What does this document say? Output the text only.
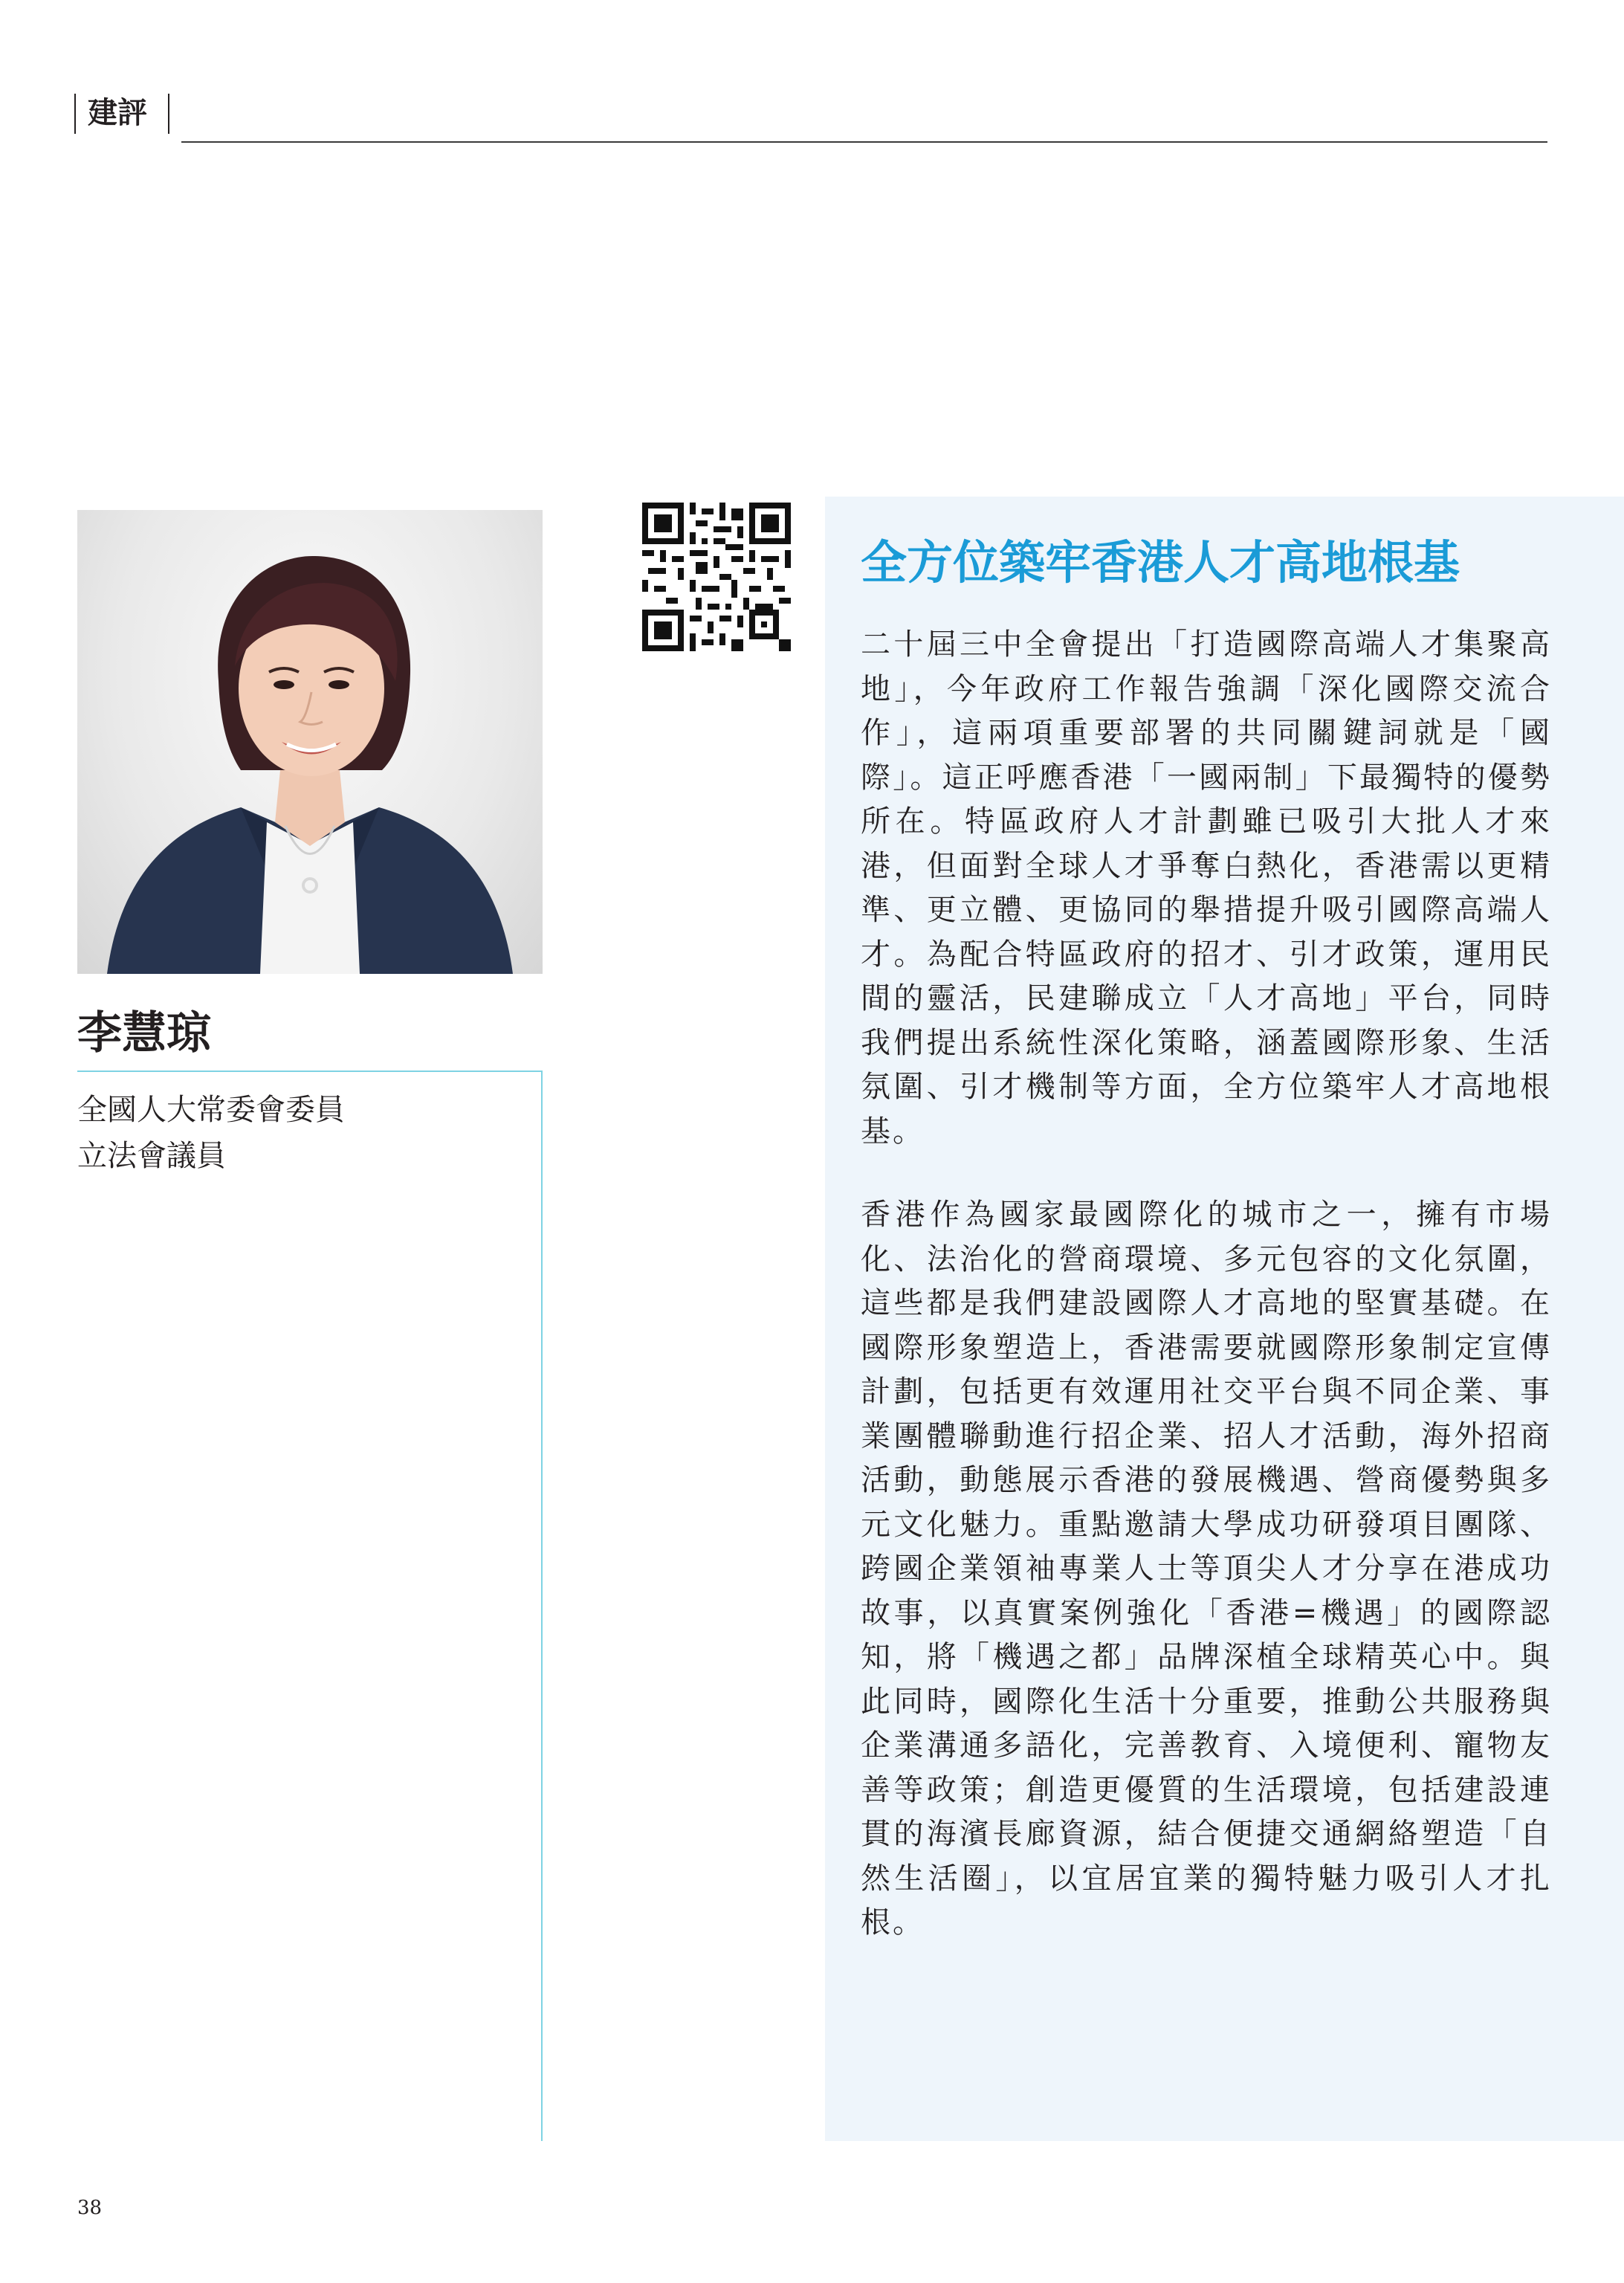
建評
李慧琼
全國人大常委會委員
立法會議員
全方位築牢香港人才高地根基
二十屆三中全會提出「打造國際高端人才集聚高地」，今年政府工作報告強調「深化國際交流合作」，這兩項重要部署的共同關鍵詞就是「國際」。這正呼應香港「一國兩制」下最獨特的優勢所在。特區政府人才計劃雖已吸引大批人才來港，但面對全球人才爭奪白熱化，香港需以更精準、更立體、更協同的舉措提升吸引國際高端人才。為配合特區政府的招才、引才政策，運用民間的靈活，民建聯成立「人才高地」平台，同時我們提出系統性深化策略，涵蓋國際形象、生活氛圍、引才機制等方面，全方位築牢人才高地根基。
香港作為國家最國際化的城市之一，擁有市場化、法治化的營商環境、多元包容的文化氛圍，這些都是我們建設國際人才高地的堅實基礎。在國際形象塑造上，香港需要就國際形象制定宣傳計劃，包括更有效運用社交平台與不同企業、事業團體聯動進行招企業、招人才活動，海外招商活動，動態展示香港的發展機遇、營商優勢與多元文化魅力。重點邀請大學成功研發項目團隊、跨國企業領袖專業人士等頂尖人才分享在港成功故事，以真實案例強化「香港=機遇」的國際認知，將「機遇之都」品牌深植全球精英心中。與此同時，國際化生活十分重要，推動公共服務與企業溝通多語化，完善教育、入境便利、寵物友善等政策；創造更優質的生活環境，包括建設連貫的海濱長廊資源，結合便捷交通網絡塑造「自然生活圈」，以宜居宜業的獨特魅力吸引人才扎根。
38
